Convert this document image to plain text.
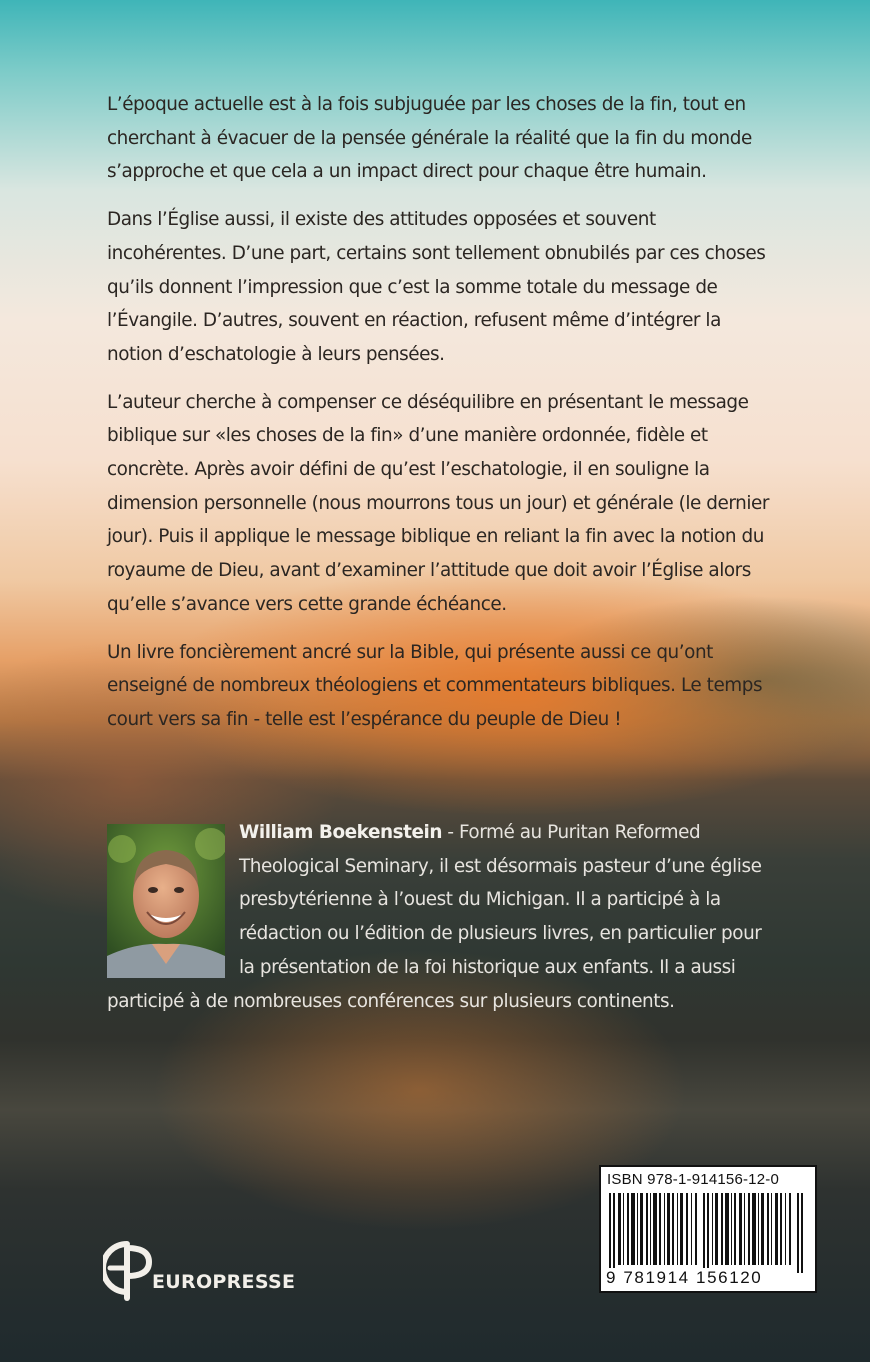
L’époque actuelle est à la fois subjuguée par les choses de la fin, tout en cherchant à évacuer de la pensée générale la réalité que la fin du monde s’approche et que cela a un impact direct pour chaque être humain.

Dans l’Église aussi, il existe des attitudes opposées et souvent incohérentes. D’une part, certains sont tellement obnubilés par ces choses qu’ils donnent l’impression que c’est la somme totale du message de l’Évangile. D’autres, souvent en réaction, refusent même d’intégrer la notion d’eschatologie à leurs pensées.

L’auteur cherche à compenser ce déséquilibre en présentant le message biblique sur «les choses de la fin» d’une manière ordonnée, fidèle et concrète. Après avoir défini de qu’est l’eschatologie, il en souligne la dimension personnelle (nous mourrons tous un jour) et générale (le dernier jour). Puis il applique le message biblique en reliant la fin avec la notion du royaume de Dieu, avant d’examiner l’attitude que doit avoir l’Église alors qu’elle s’avance vers cette grande échéance.

Un livre foncièrement ancré sur la Bible, qui présente aussi ce qu’ont enseigné de nombreux théologiens et commentateurs bibliques. Le temps court vers sa fin - telle est l’espérance du peuple de Dieu !

William Boekenstein - Formé au Puritan Reformed Theological Seminary, il est désormais pasteur d’une église presbytérienne à l’ouest du Michigan. Il a participé à la rédaction ou l’édition de plusieurs livres, en particulier pour la présentation de la foi historique aux enfants. Il a aussi participé à de nombreuses conférences sur plusieurs continents.
ISBN 978-1-914156-12-0
9 781914 156120
EUROPRESSE
